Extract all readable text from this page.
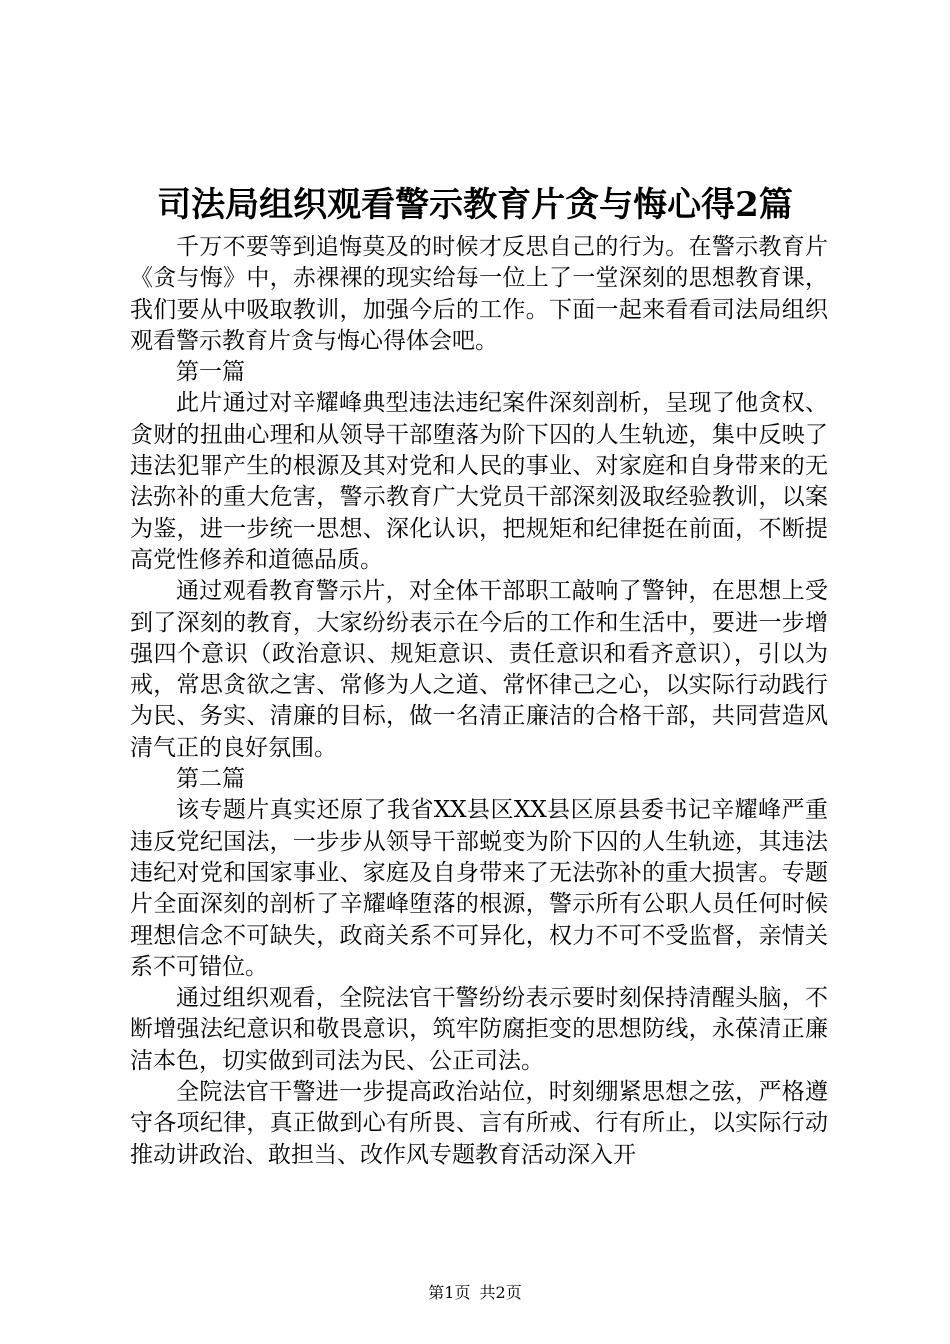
司法局组织观看警示教育片贪与悔心得2篇

千万不要等到追悔莫及的时候才反思自己的行为。在警示教育片《贪与悔》中，赤裸裸的现实给每一位上了一堂深刻的思想教育课，我们要从中吸取教训，加强今后的工作。下面一起来看看司法局组织观看警示教育片贪与悔心得体会吧。

第一篇

此片通过对辛耀峰典型违法违纪案件深刻剖析，呈现了他贪权、贪财的扭曲心理和从领导干部堕落为阶下囚的人生轨迹，集中反映了违法犯罪产生的根源及其对党和人民的事业、对家庭和自身带来的无法弥补的重大危害，警示教育广大党员干部深刻汲取经验教训，以案为鉴，进一步统一思想、深化认识，把规矩和纪律挺在前面，不断提高党性修养和道德品质。

通过观看教育警示片，对全体干部职工敲响了警钟，在思想上受到了深刻的教育，大家纷纷表示在今后的工作和生活中，要进一步增强四个意识（政治意识、规矩意识、责任意识和看齐意识），引以为戒，常思贪欲之害、常修为人之道、常怀律己之心，以实际行动践行为民、务实、清廉的目标，做一名清正廉洁的合格干部，共同营造风清气正的良好氛围。

第二篇

该专题片真实还原了我省XX县区XX县区原县委书记辛耀峰严重违反党纪国法，一步步从领导干部蜕变为阶下囚的人生轨迹，其违法违纪对党和国家事业、家庭及自身带来了无法弥补的重大损害。专题片全面深刻的剖析了辛耀峰堕落的根源，警示所有公职人员任何时候理想信念不可缺失，政商关系不可异化，权力不可不受监督，亲情关系不可错位。

通过组织观看，全院法官干警纷纷表示要时刻保持清醒头脑，不断增强法纪意识和敬畏意识，筑牢防腐拒变的思想防线，永葆清正廉洁本色，切实做到司法为民、公正司法。

全院法官干警进一步提高政治站位，时刻绷紧思想之弦，严格遵守各项纪律，真正做到心有所畏、言有所戒、行有所止，以实际行动推动讲政治、敢担当、改作风专题教育活动深入开

第1页 共2页
